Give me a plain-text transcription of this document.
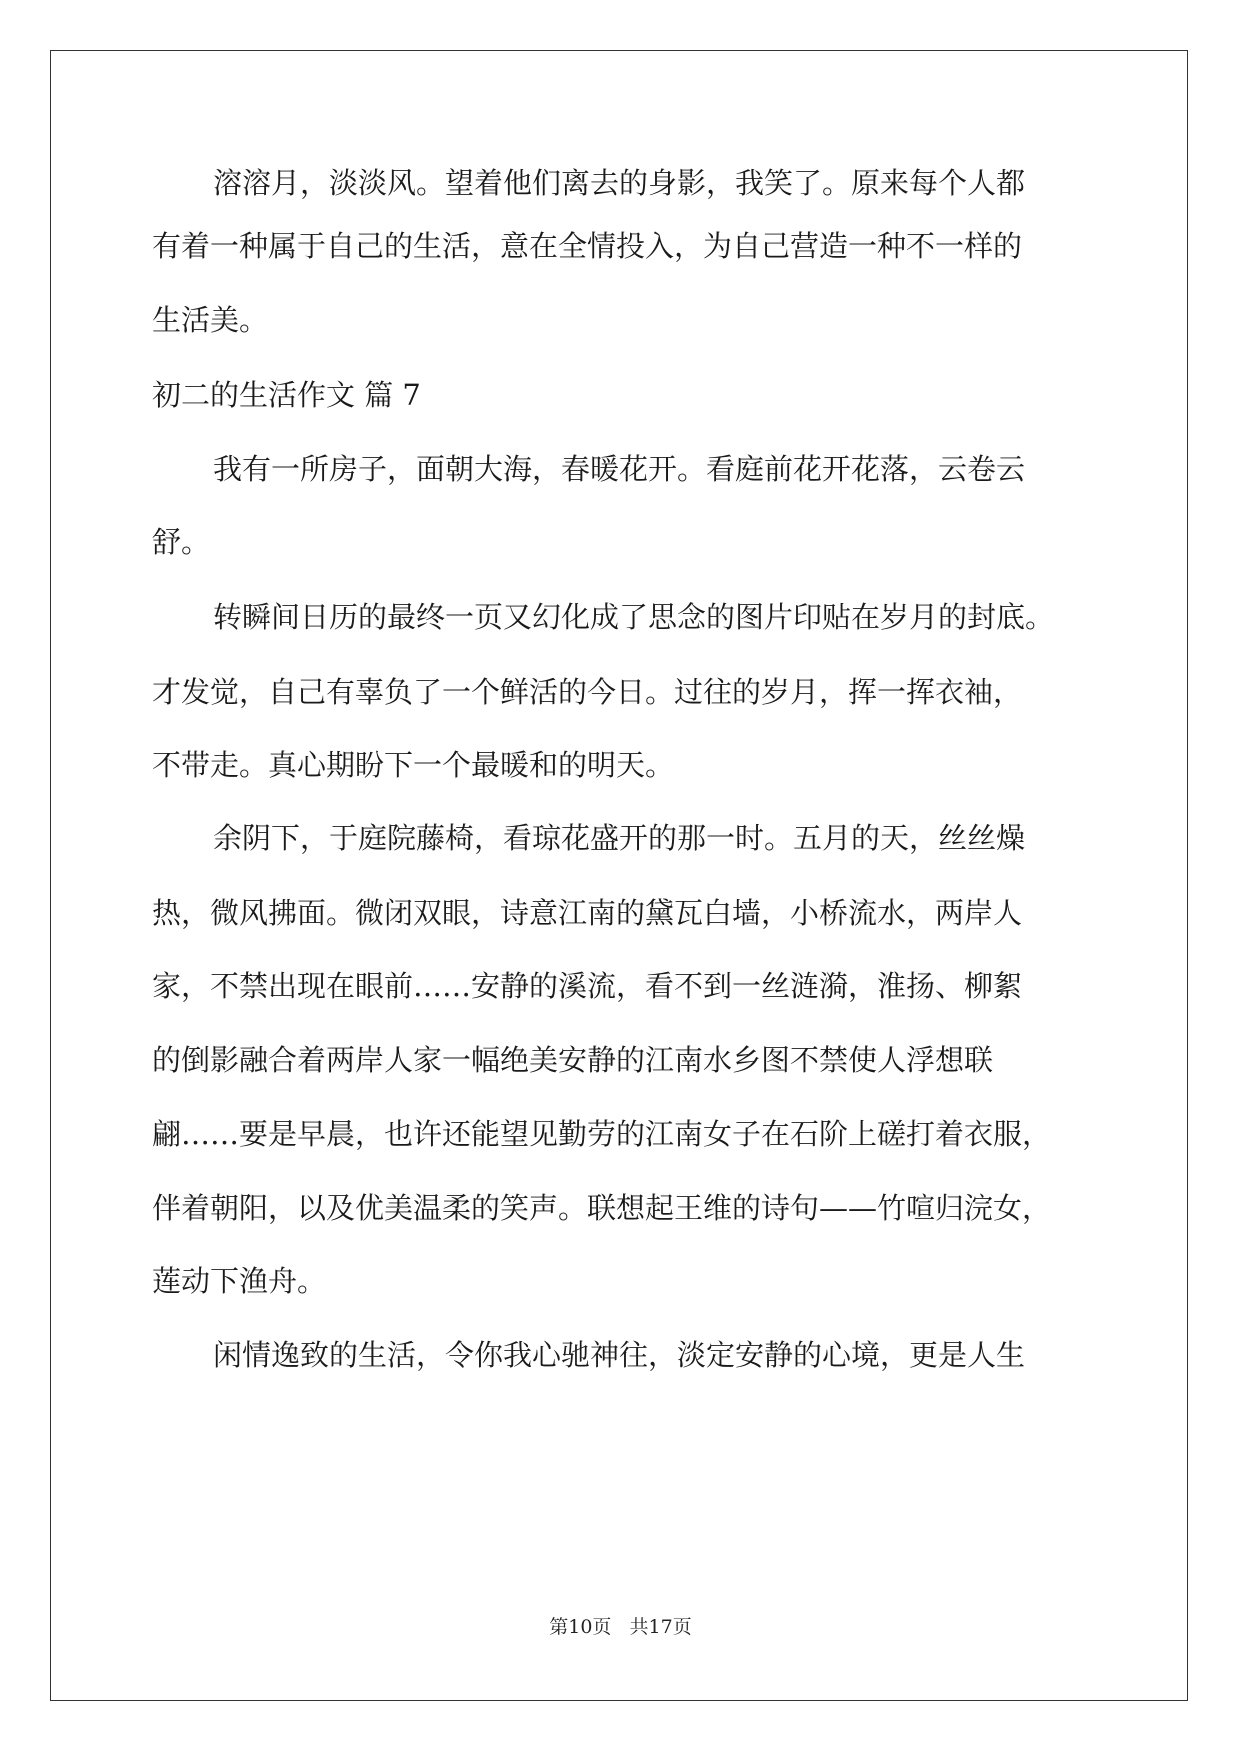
溶溶月，淡淡风。望着他们离去的身影，我笑了。原来每个人都
有着一种属于自己的生活，意在全情投入，为自己营造一种不一样的
生活美。
初二的生活作文 篇 7
我有一所房子，面朝大海，春暖花开。看庭前花开花落，云卷云
舒。
转瞬间日历的最终一页又幻化成了思念的图片印贴在岁月的封底。
才发觉，自己有辜负了一个鲜活的今日。过往的岁月，挥一挥衣袖，
不带走。真心期盼下一个最暖和的明天。
余阴下，于庭院藤椅，看琼花盛开的那一时。五月的天，丝丝燥
热，微风拂面。微闭双眼，诗意江南的黛瓦白墙，小桥流水，两岸人
家，不禁出现在眼前……安静的溪流，看不到一丝涟漪，淮扬、柳絮
的倒影融合着两岸人家一幅绝美安静的江南水乡图不禁使人浮想联
翩……要是早晨，也许还能望见勤劳的江南女子在石阶上磋打着衣服，
伴着朝阳，以及优美温柔的笑声。联想起王维的诗句——竹喧归浣女，
莲动下渔舟。
闲情逸致的生活，令你我心驰神往，淡定安静的心境，更是人生
第10页   共17页
